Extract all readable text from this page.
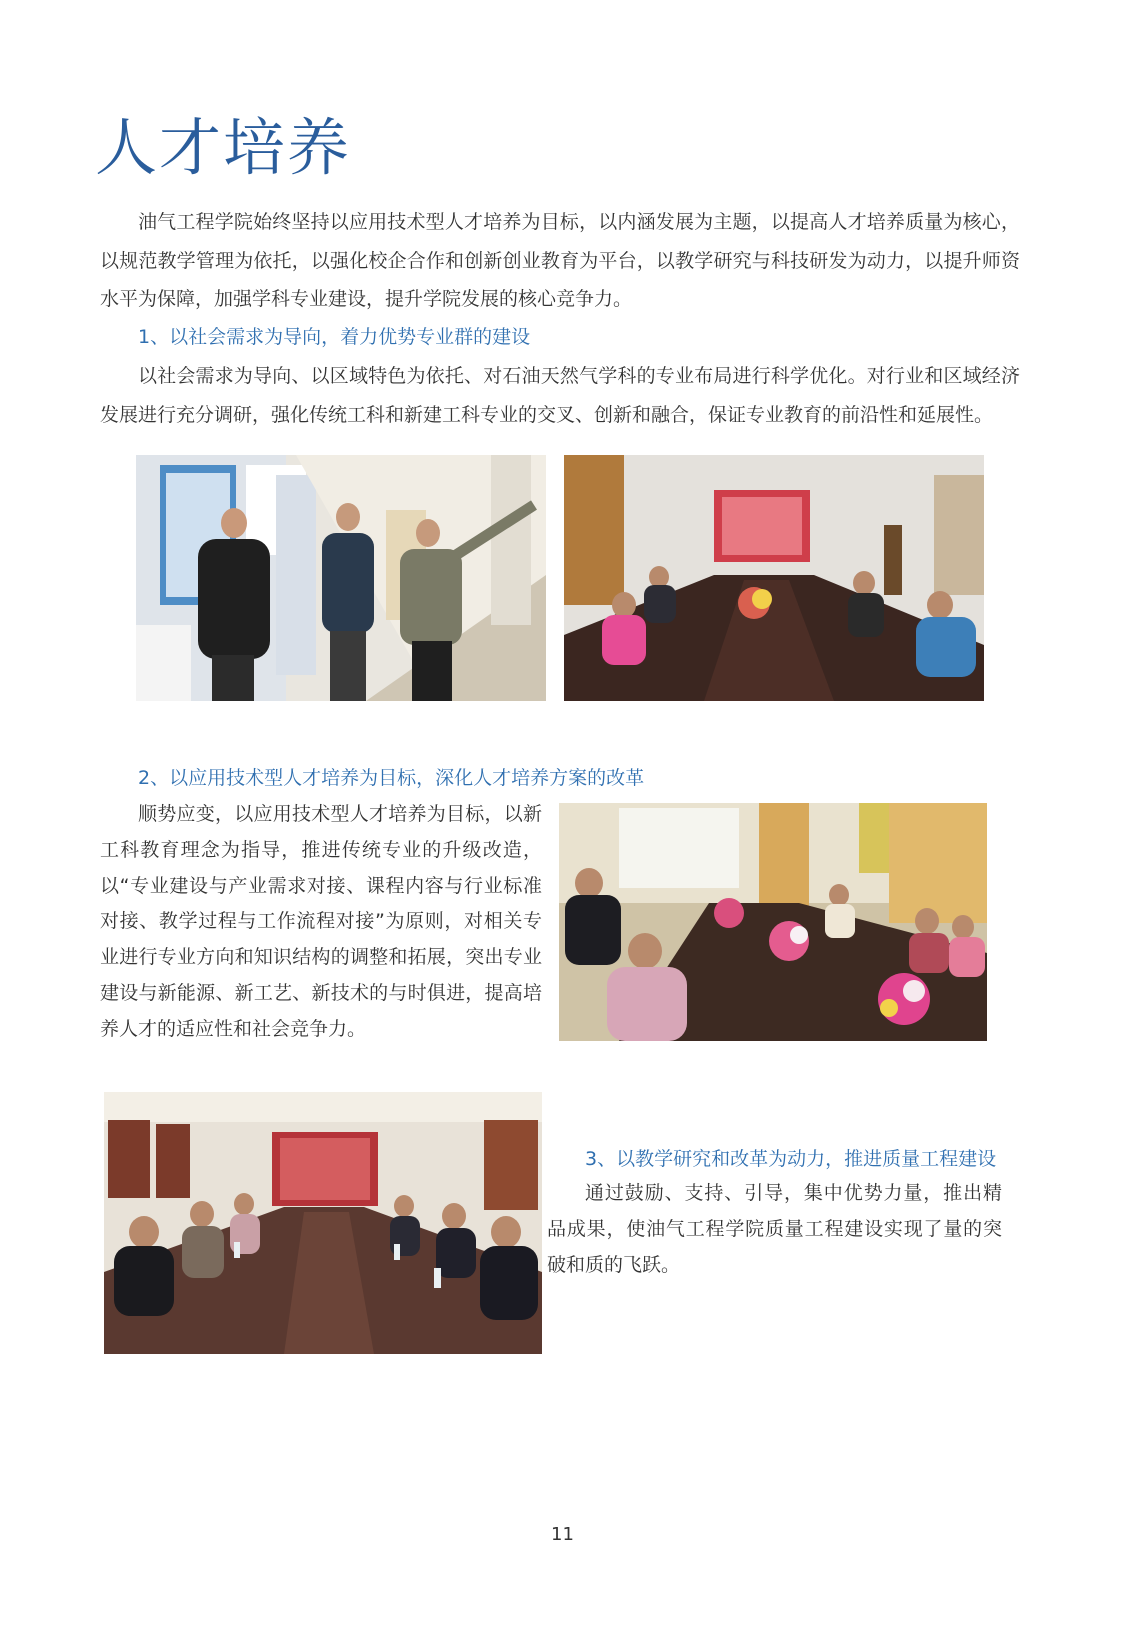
人才培养

油气工程学院始终坚持以应用技术型人才培养为目标，以内涵发展为主题，以提高人才培养质量为核心，以规范教学管理为依托，以强化校企合作和创新创业教育为平台，以教学研究与科技研发为动力，以提升师资水平为保障，加强学科专业建设，提升学院发展的核心竞争力。

1、以社会需求为导向，着力优势专业群的建设

以社会需求为导向、以区域特色为依托、对石油天然气学科的专业布局进行科学优化。对行业和区域经济发展进行充分调研，强化传统工科和新建工科专业的交叉、创新和融合，保证专业教育的前沿性和延展性。

2、以应用技术型人才培养为目标，深化人才培养方案的改革

顺势应变，以应用技术型人才培养为目标，以新工科教育理念为指导，推进传统专业的升级改造，以“专业建设与产业需求对接、课程内容与行业标准对接、教学过程与工作流程对接”为原则，对相关专业进行专业方向和知识结构的调整和拓展，突出专业建设与新能源、新工艺、新技术的与时俱进，提高培养人才的适应性和社会竞争力。

3、以教学研究和改革为动力，推进质量工程建设

通过鼓励、支持、引导，集中优势力量，推出精品成果，使油气工程学院质量工程建设实现了量的突破和质的飞跃。

11
